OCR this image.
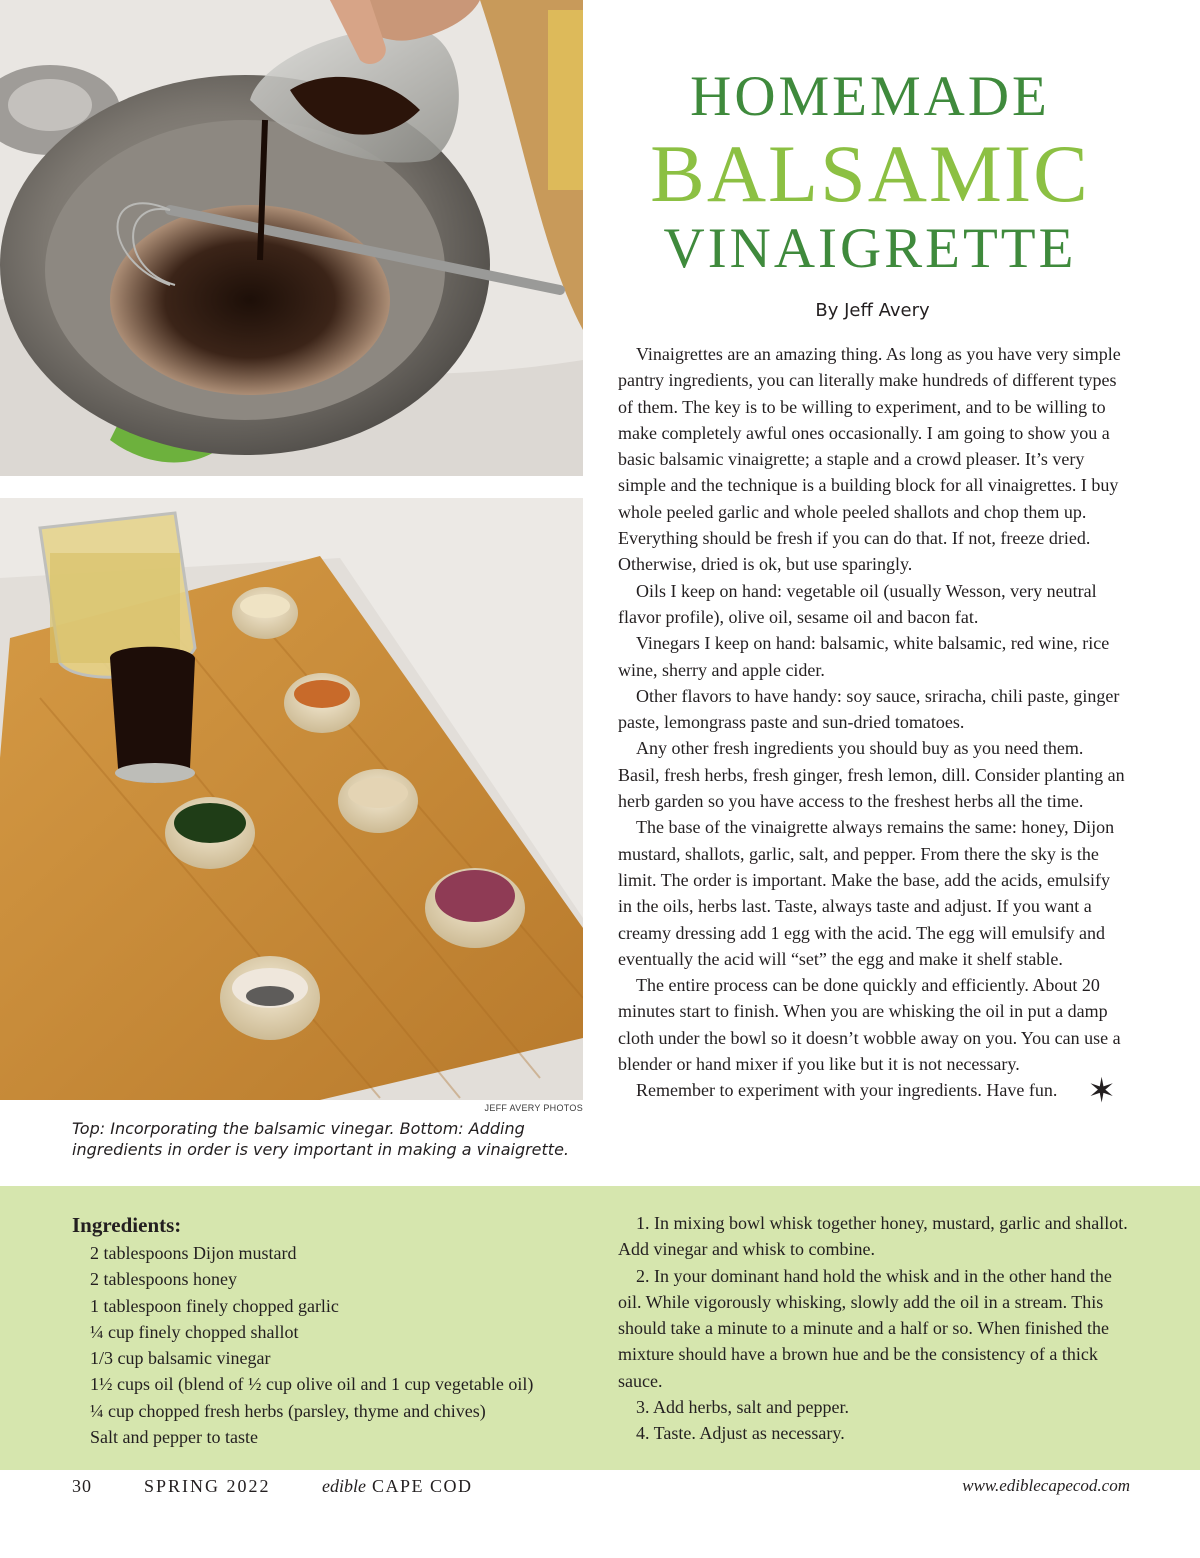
JEFF AVERY PHOTOS
Top: Incorporating the balsamic vinegar. Bottom: Adding ingredients in order is very important in making a vinaigrette.
HOMEMADE
BALSAMIC
VINAIGRETTE
By Jeff Avery

Vinaigrettes are an amazing thing. As long as you have very simple pantry ingredients, you can literally make hundreds of different types of them. The key is to be willing to experiment, and to be willing to make completely awful ones occasionally. I am going to show you a basic balsamic vinaigrette; a staple and a crowd pleaser. It’s very simple and the technique is a building block for all vinaigrettes. I buy whole peeled garlic and whole peeled shallots and chop them up. Everything should be fresh if you can do that. If not, freeze dried. Otherwise, dried is ok, but use sparingly.

Oils I keep on hand: vegetable oil (usually Wesson, very neutral flavor profile), olive oil, sesame oil and bacon fat.

Vinegars I keep on hand: balsamic, white balsamic, red wine, rice wine, sherry and apple cider.

Other flavors to have handy: soy sauce, sriracha, chili paste, ginger paste, lemongrass paste and sun-dried tomatoes.

Any other fresh ingredients you should buy as you need them. Basil, fresh herbs, fresh ginger, fresh lemon, dill. Consider planting an herb garden so you have access to the freshest herbs all the time.

The base of the vinaigrette always remains the same: honey, Dijon mustard, shallots, garlic, salt, and pepper. From there the sky is the limit. The order is important. Make the base, add the acids, emulsify in the oils, herbs last. Taste, always taste and adjust. If you want a creamy dressing add 1 egg with the acid. The egg will emulsify and eventually the acid will “set” the egg and make it shelf stable.

The entire process can be done quickly and efficiently. About 20 minutes start to finish. When you are whisking the oil in put a damp cloth under the bowl so it doesn’t wobble away on you. You can use a blender or hand mixer if you like but it is not necessary.

Remember to experiment with your ingredients. Have fun. ✶

Ingredients:
2 tablespoons Dijon mustard
2 tablespoons honey
1 tablespoon finely chopped garlic
¼ cup finely chopped shallot
1/3 cup balsamic vinegar
1½ cups oil (blend of ½ cup olive oil and 1 cup vegetable oil)
¼ cup chopped fresh herbs (parsley, thyme and chives)
Salt and pepper to taste

1. In mixing bowl whisk together honey, mustard, garlic and shallot. Add vinegar and whisk to combine.

2. In your dominant hand hold the whisk and in the other hand the oil. While vigorously whisking, slowly add the oil in a stream. This should take a minute to a minute and a half or so. When finished the mixture should have a brown hue and be the consistency of a thick sauce.

3. Add herbs, salt and pepper.

4. Taste. Adjust as necessary.

30	SPRING 2022	edible CAPE COD	www.ediblecapecod.com
